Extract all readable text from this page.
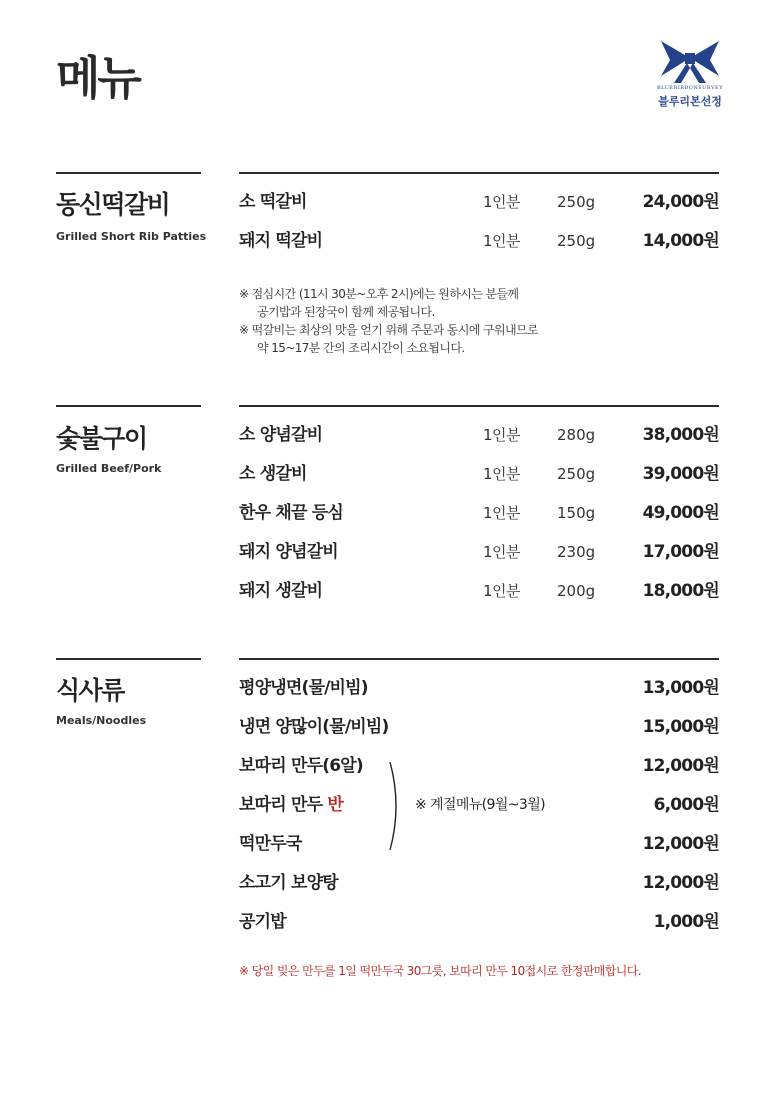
메뉴	BLUERIBBONSURVEY
블루리본선정
동신떡갈비
Grilled Short Rib Patties
소 떡갈비	1인분 250g	24,000원
돼지 떡갈비	1인분 250g	14,000원
※ 점심시간 (11시 30분~오후 2시)에는 원하시는 분들께
공기밥과 된장국이 함께 제공됩니다.
※ 떡갈비는 최상의 맛을 얻기 위해 주문과 동시에 구워내므로
약 15~17분 간의 조리시간이 소요됩니다.
숯불구이
Grilled Beef/Pork
소 양념갈비	1인분 280g	38,000원
소 생갈비	1인분 250g	39,000원
한우 채끝 등심	1인분 150g	49,000원
돼지 양념갈비	1인분 230g	17,000원
돼지 생갈비	1인분 200g	18,000원
식사류
Meals/Noodles
평양냉면(물/비빔)	13,000원
냉면 양많이(물/비빔)	15,000원
보따리 만두(6알)	12,000원
보따리 만두 반	6,000원
떡만두국	12,000원
소고기 보양탕	12,000원
공기밥	1,000원
※ 계절메뉴(9월~3월)
※ 당일 빚은 만두를 1일 떡만두국 30그릇, 보따리 만두 10접시로 한정판매합니다.
